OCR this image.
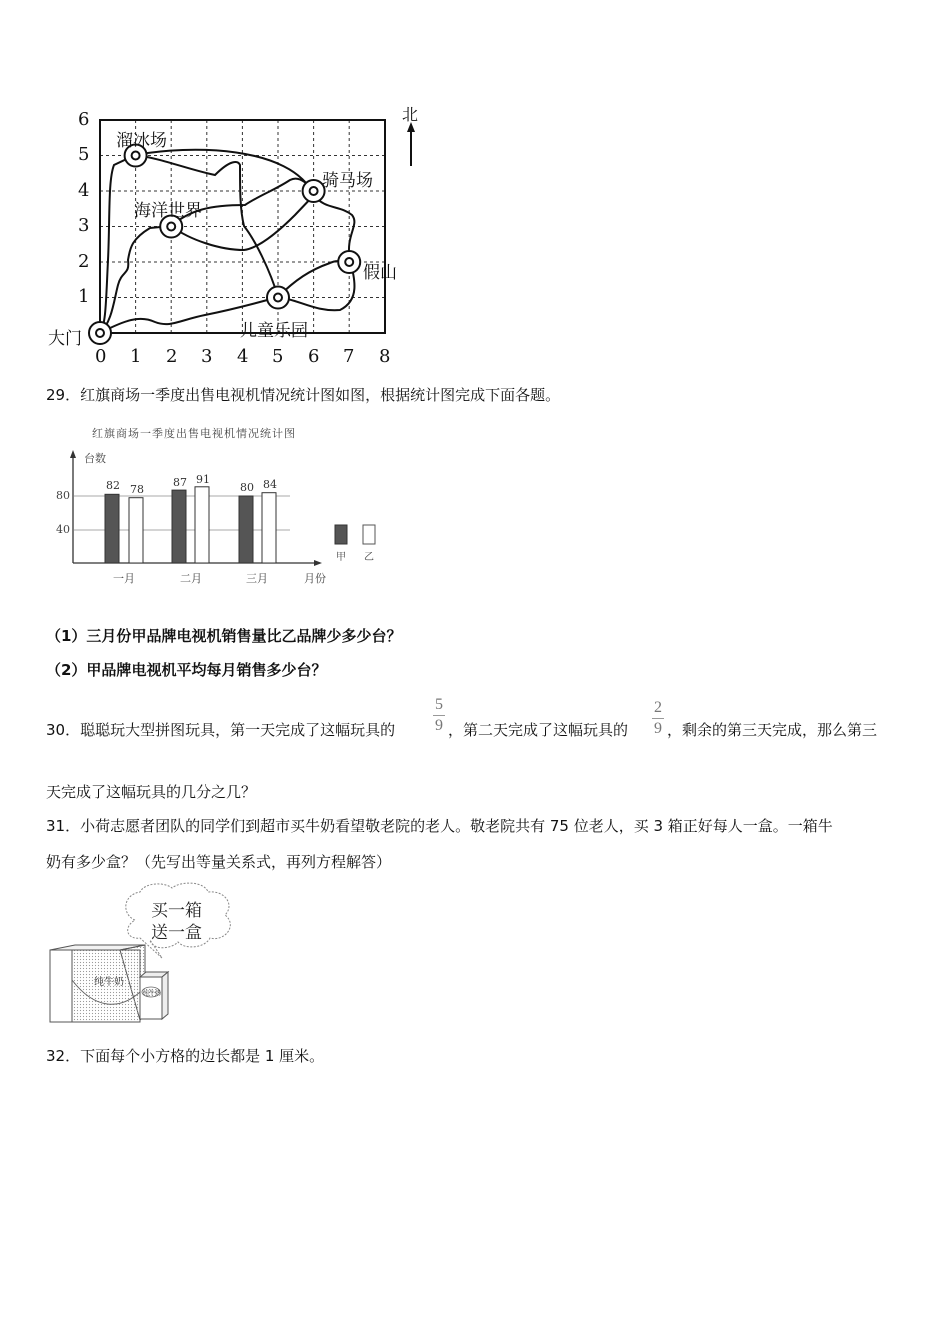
北
溜冰场
海洋世界
骑马场
假山
儿童乐园
大门
0 1 2 3 4 5 6 7 8
1
2
3
4
5
6
29．红旗商场一季度出售电视机情况统计图如图，根据统计图完成下面各题。
红旗商场一季度出售电视机情况统计图
台数
80
40
82 78
87 91
80 84
一月	二月	三月	月份
甲 乙
（1）三月份甲品牌电视机销售量比乙品牌少多少台？
（2）甲品牌电视机平均每月销售多少台？
30．聪聪玩大型拼图玩具，第一天完成了这幅玩具的
5
9 ，第二天完成了这幅玩具的
2
9 ，剩余的第三天完成，那么第三
天完成了这幅玩具的几分之几？
31．小荷志愿者团队的同学们到超市买牛奶看望敬老院的老人。敬老院共有 75 位老人，买 3 箱正好每人一盒。一箱牛
奶有多少盒？（先写出等量关系式，再列方程解答）
买一箱
送一盒
纯牛奶
纯牛奶
32．下面每个小方格的边长都是 1 厘米。
